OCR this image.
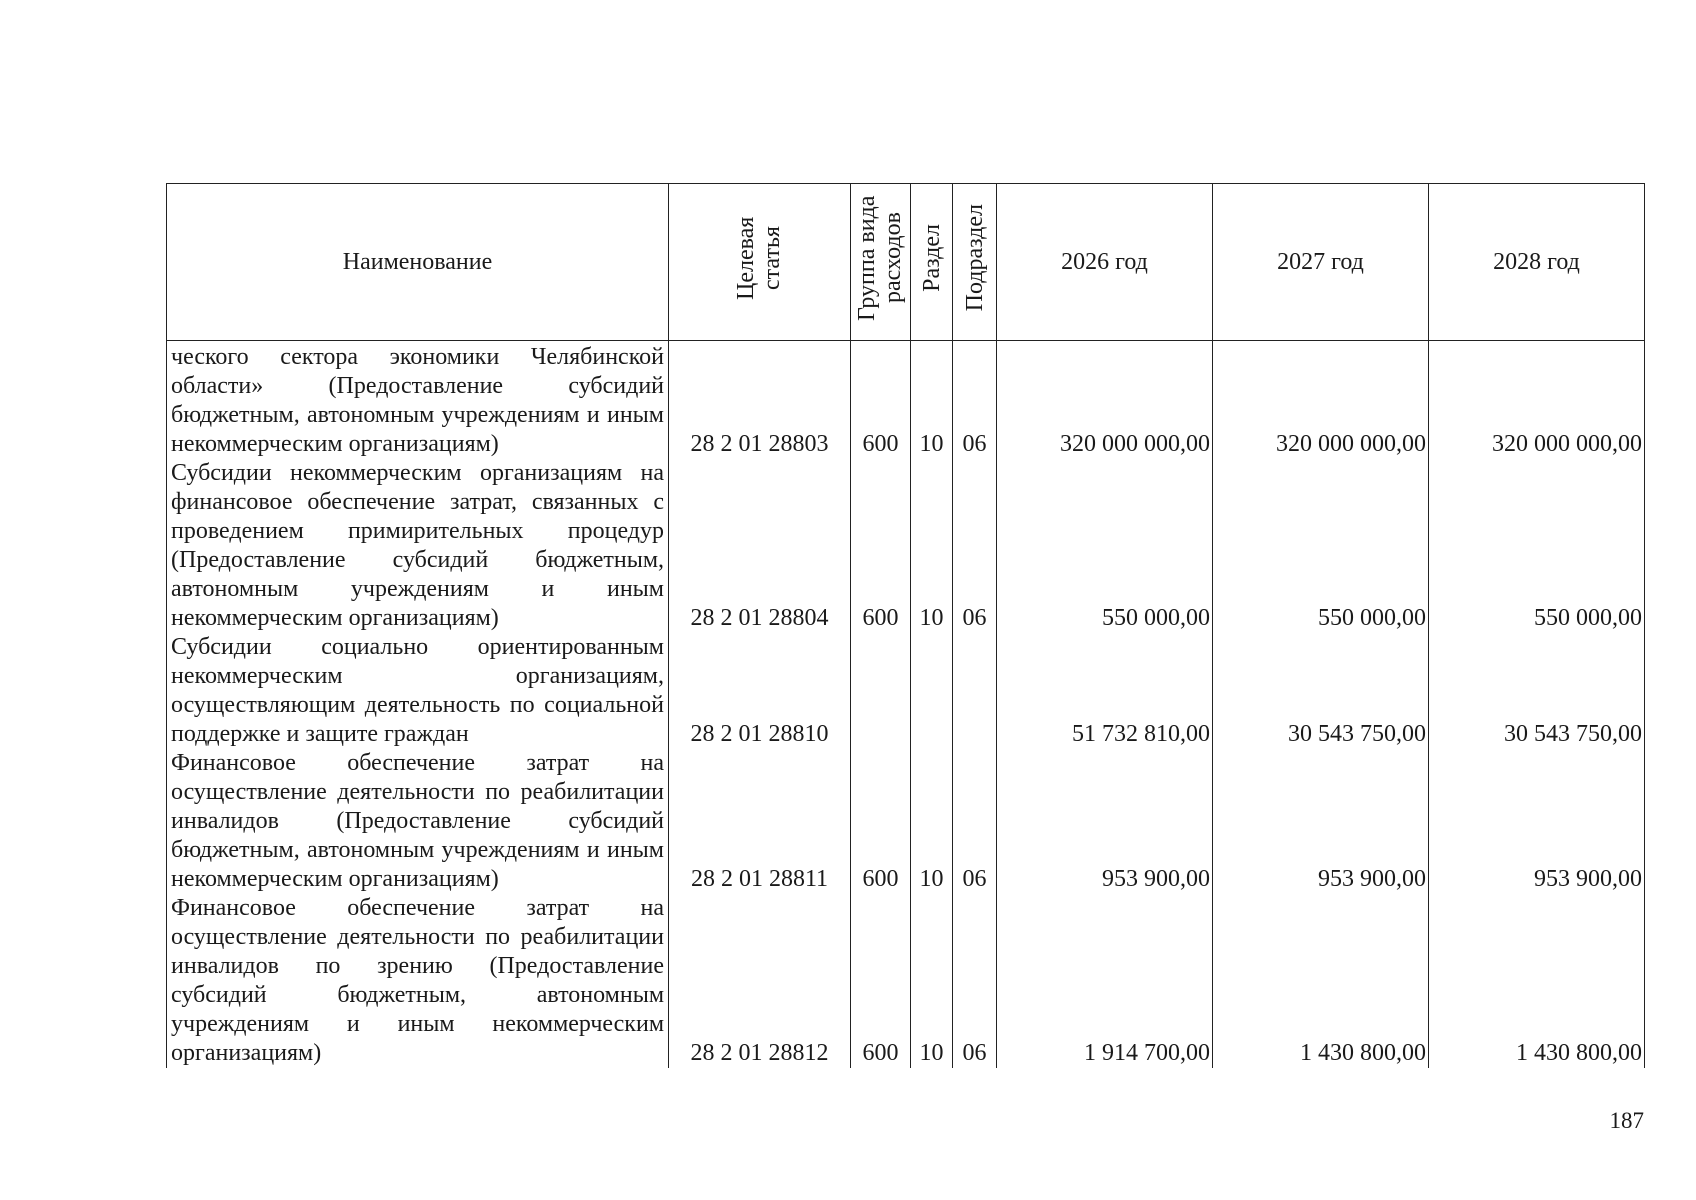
Наименование	Целевая статья	Группа вида расходов	Раздел	Подраздел	2026 год	2027 год	2028 год
ческого сектора экономики Челябинской области» (Предоставление субсидий бюджетным, автономным учреждениям и иным некоммерческим организациям)	28 2 01 28803	600	10	06	320 000 000,00	320 000 000,00	320 000 000,00
Субсидии некоммерческим организациям на финансовое обеспечение затрат, связанных с проведением примирительных процедур (Предоставление субсидий бюджетным, автономным учреждениям и иным некоммерческим организациям)	28 2 01 28804	600	10	06	550 000,00	550 000,00	550 000,00
Субсидии социально ориентированным некоммерческим организациям, осуществляющим деятельность по социальной поддержке и защите граждан	28 2 01 28810				51 732 810,00	30 543 750,00	30 543 750,00
Финансовое обеспечение затрат на осуществление деятельности по реабилитации инвалидов (Предоставление субсидий бюджетным, автономным учреждениям и иным некоммерческим организациям)	28 2 01 28811	600	10	06	953 900,00	953 900,00	953 900,00
Финансовое обеспечение затрат на осуществление деятельности по реабилитации инвалидов по зрению (Предоставление субсидий бюджетным, автономным учреждениям и иным некоммерческим организациям)	28 2 01 28812	600	10	06	1 914 700,00	1 430 800,00	1 430 800,00
187
